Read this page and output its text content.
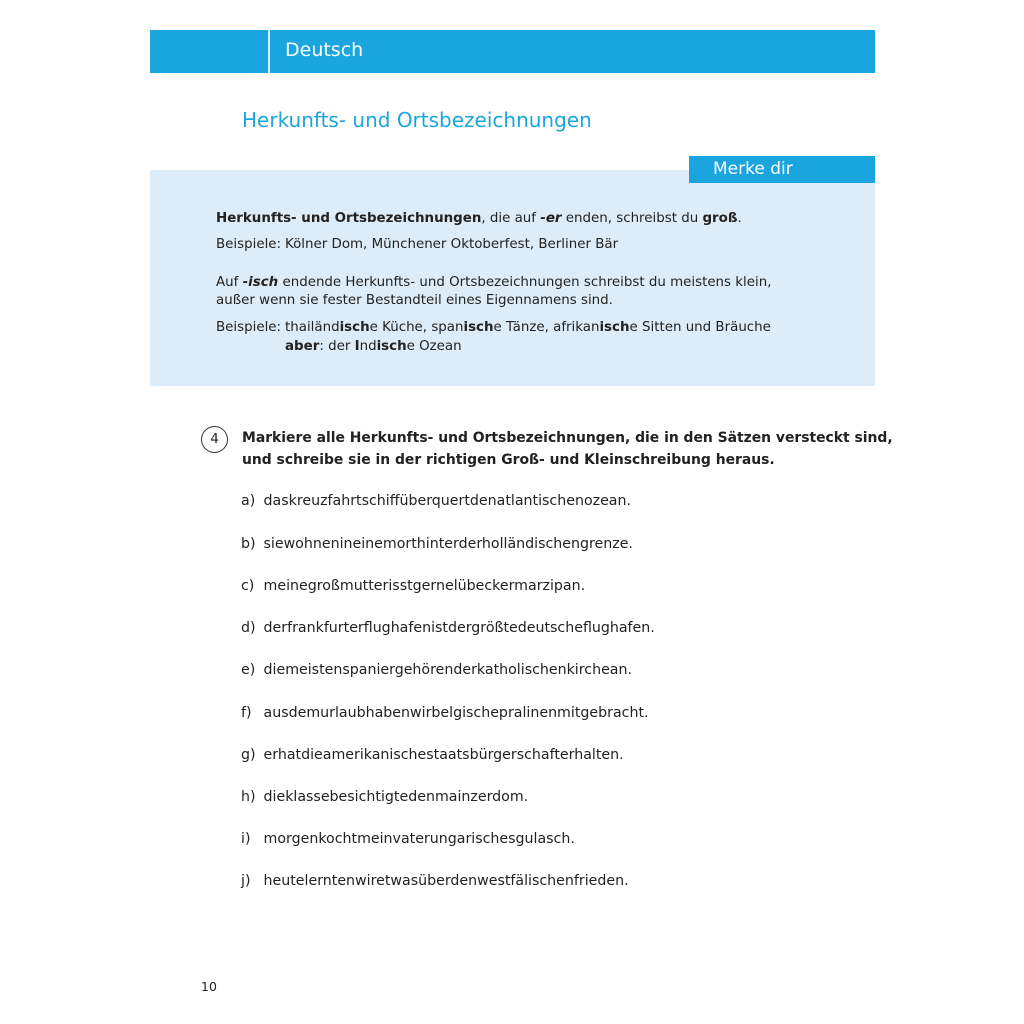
Deutsch
Herkunfts- und Ortsbezeichnungen
Merke dir
Herkunfts- und Ortsbezeichnungen, die auf -er enden, schreibst du groß.
Beispiele: Kölner Dom, Münchener Oktoberfest, Berliner Bär
Auf -isch endende Herkunfts- und Ortsbezeichnungen schreibst du meistens klein,
außer wenn sie fester Bestandteil eines Eigennamens sind.
Beispiele: thailändische Küche, spanische Tänze, afrikanische Sitten und Bräuche
aber: der Indische Ozean
4	Markiere alle Herkunfts- und Ortsbezeichnungen, die in den Sätzen versteckt sind,
und schreibe sie in der richtigen Groß- und Kleinschreibung heraus.
a) daskreuzfahrtschiffüberquertdenatlantischenozean.
b) siewohnenineinemorthinterderholländischengrenze.
c) meinegroßmutterisstgernelübeckermarzipan.
d) derfrankfurterflughafenistdergrößtedeutscheflughafen.
e) diemeistenspaniergehörenderkatholischenkirchean.
f) ausdemurlaubhabenwirbelgischepralinenmitgebracht.
g) erhatdieamerikanischestaatsbürgerschafterhalten.
h) dieklassebesichtigtedenmainzerdom.
i) morgenkochtmeinvaterungarischesgulasch.
j) heutelerntenwiretwasüberdenwestfälischenfrieden.
10
